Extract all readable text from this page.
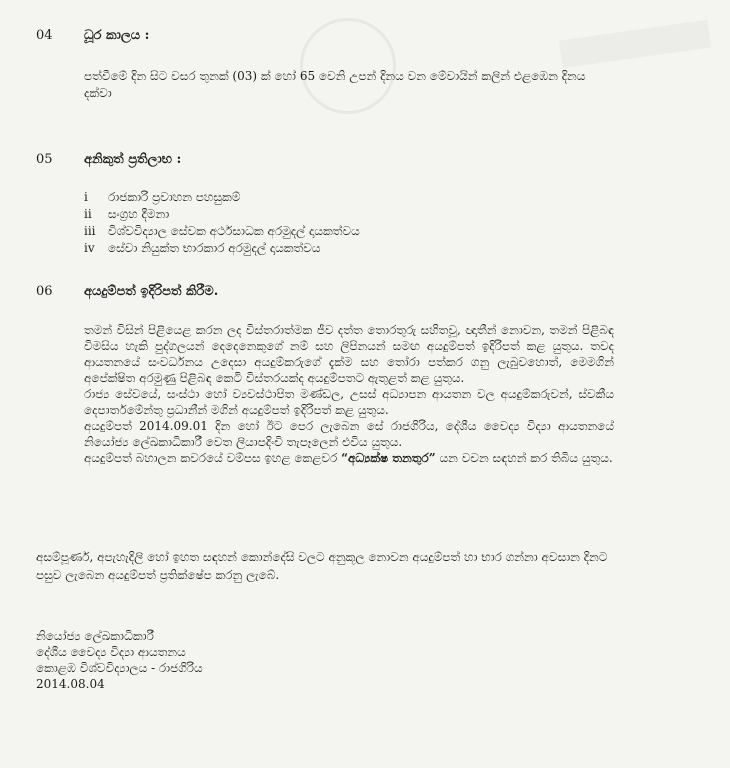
04 ධූර කාලය :
පත්වීමේ දින සිට වසර තුනක් (03) ක් හෝ 65 වෙනි උපන් දිනය වන මේවායින් කලින් එළඹෙන දිනය දක්වා
05 අනිකුත් ප්‍රතිලාභ :
i	රාජකාරි ප්‍රවාහන පහසුකම්
ii	සංග්‍රහ දීමනා
iii	විශ්වවිද්‍යාල සේවක අර්ථසාධක අරමුදල් දායකත්වය
iv	සේවා නියුක්ත භාරකාර අරමුදල් දායකත්වය
06 අයදුම්පත් ඉදිරිපත් කිරීම.

තමන් විසින් පිළියෙළ කරන ලද විස්තරාත්මක ජීව දත්ත තොරතුරු සහිතවූ, ඥාතීන් නොවන, තමන් පිළිබඳ විමසිය හැකි පුද්ගලයන් දෙදෙනෙකුගේ නම් සහ ලිපිනයන් සමඟ අයදුම්පත් ඉදිරිපත් කළ යුතුය. තවද ආයතනයේ සංවර්ධනය උදෙසා අයදුම්කරුගේ දැක්ම සහ තෝරා පත්කර ගනු ලැබුවහොත්, මෙමගින් අපේක්ෂිත අරමුණු පිළිබඳ කෙටි විස්තරයක්ද අයදුම්පතට ඇතුළත් කළ යුතුය.

රාජ්‍ය සේවයේ, සංස්ථා හෝ ව්‍යවස්ථාපිත මණ්ඩල, උසස් අධ්‍යාපන ආයතන වල අයදුම්කරුවන්, ස්වකීය දෙපාර්තමේන්තු ප්‍රධානීන් මගින් අයදුම්පත් ඉදිරිපත් කළ යුතුය.

අයදුම්පත් 2014.09.01 දින හෝ ඊට පෙර ලැබෙන සේ රාජගිරිය, දේශීය වෛද්‍ය විද්‍යා ආයතනයේ නියෝජ්‍ය ලේඛකාධිකාරී වෙත ලියාපදිංචි තැපෑලෙන් එවිය යුතුය.

අයදුම්පත් බහාලන කවරයේ වම්පස ඉහළ කෙළවර “අධ්‍යක්ෂ තනතුර” යන වචන සඳහන් කර තිබිය යුතුය.

අසම්පූර්ණ, අපැහැදිලි හෝ ඉහත සඳහන් කොන්දේසි වලට අනුකූල නොවන අයදුම්පත් හා භාර ගන්නා අවසාන දිනට පසුව ලැබෙන අයදුම්පත් ප්‍රතික්ෂේප කරනු ලැබේ.
නියෝජ්‍ය ලේඛකාධිකාරී
දේශීය වෛද්‍ය විද්‍යා ආයතනය
කොළඹ විශ්වවිද්‍යාලය - රාජගිරිය
2014.08.04
